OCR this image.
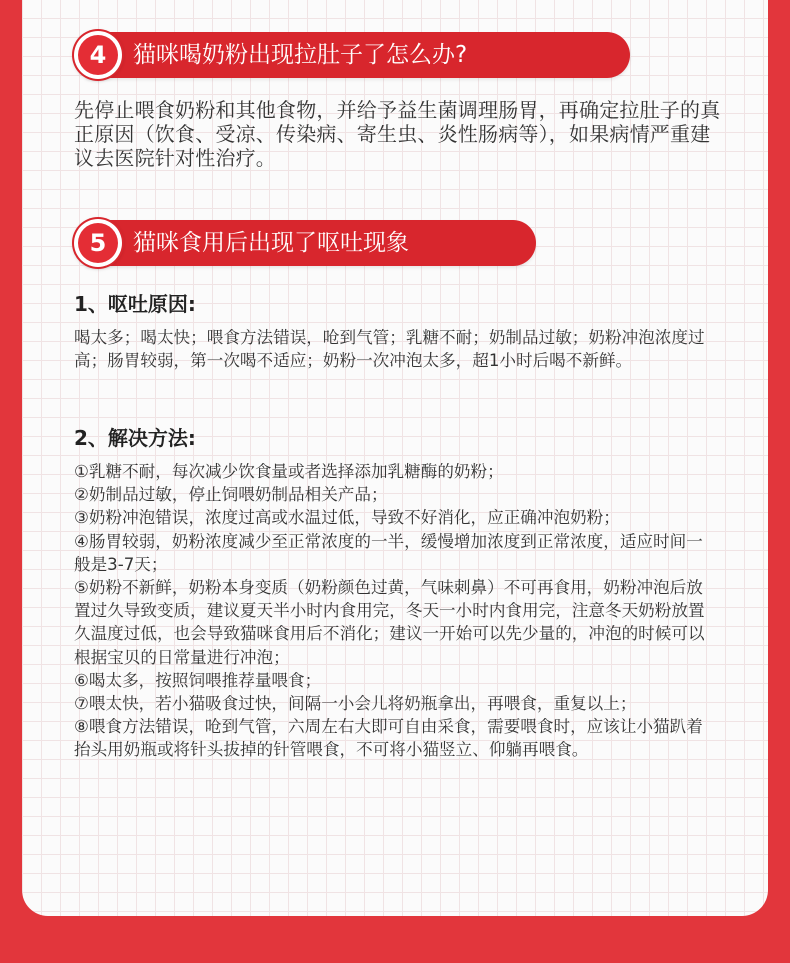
4	猫咪喝奶粉出现拉肚子了怎么办?

先停止喂食奶粉和其他食物，并给予益生菌调理肠胃，再确定拉肚子的真正原因（饮食、受凉、传染病、寄生虫、炎性肠病等），如果病情严重建议去医院针对性治疗。

5	猫咪食用后出现了呕吐现象
1、呕吐原因:

喝太多；喝太快；喂食方法错误，呛到气管；乳糖不耐；奶制品过敏；奶粉冲泡浓度过高；肠胃较弱，第一次喝不适应；奶粉一次冲泡太多，超1小时后喝不新鲜。

2、解决方法:
①乳糖不耐，每次减少饮食量或者选择添加乳糖酶的奶粉；
②奶制品过敏，停止饲喂奶制品相关产品；
③奶粉冲泡错误，浓度过高或水温过低，导致不好消化，应正确冲泡奶粉；
④肠胃较弱，奶粉浓度减少至正常浓度的一半，缓慢增加浓度到正常浓度，适应时间一般是3-7天；
⑤奶粉不新鲜，奶粉本身变质（奶粉颜色过黄，气味刺鼻）不可再食用，奶粉冲泡后放置过久导致变质，建议夏天半小时内食用完，冬天一小时内食用完，注意冬天奶粉放置久温度过低，也会导致猫咪食用后不消化；建议一开始可以先少量的，冲泡的时候可以根据宝贝的日常量进行冲泡；
⑥喝太多，按照饲喂推荐量喂食；
⑦喂太快，若小猫吸食过快，间隔一小会儿将奶瓶拿出，再喂食，重复以上；
⑧喂食方法错误，呛到气管，六周左右大即可自由采食，需要喂食时，应该让小猫趴着抬头用奶瓶或将针头拔掉的针管喂食，不可将小猫竖立、仰躺再喂食。
